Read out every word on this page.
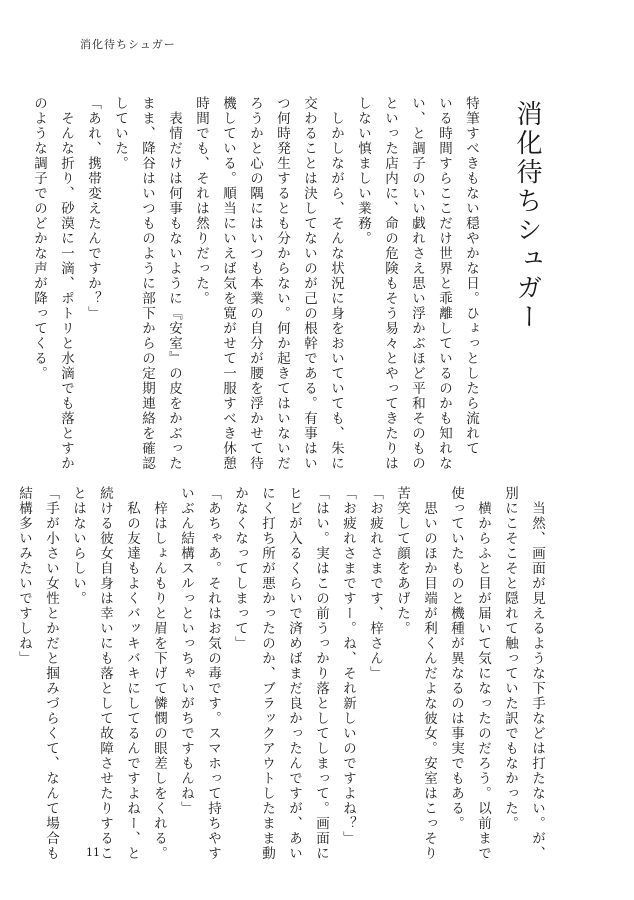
消化待ちシュガー
消化待ちシュガー
特筆すべきもない穏やかな日。ひょっとしたら流れて
いる時間すらここだけ世界と乖離しているのかも知れな
い、と調子のいい戯れさえ思い浮かぶほど平和そのもの
といった店内に、命の危険もそう易々とやってきたりは
しない慎ましい業務。
　しかしながら、そんな状況に身をおいていても、朱に
交わることは決してないのが己の根幹である。有事はい
つ何時発生するとも分からない。何か起きてはいないだ
ろうかと心の隅にはいつも本業の自分が腰を浮かせて待
機している。順当にいえば気を寛がせて一服すべき休憩
時間でも、それは然りだった。
　表情だけは何事もないように『安室』の皮をかぶった
まま、降谷はいつものように部下からの定期連絡を確認
していた。
「あれ、携帯変えたんですか？」
　そんな折り、砂漠に一滴、ポトリと水滴でも落とすか
のような調子でのどかな声が降ってくる。
　当然、画面が見えるような下手などは打たない。が、
別にこそこそと隠れて触っていた訳でもなかった。
　横からふと目が届いて気になったのだろう。以前まで
使っていたものと機種が異なるのは事実でもある。
　思いのほか目端が利くんだよな彼女。安室はこっそり
苦笑して顔をあげた。
「お疲れさまです、梓さん」
「お疲れさまですー。ね、それ新しいのですよね？」
「はい。実はこの前うっかり落としてしまって。画面に
ヒビが入るくらいで済めばまだ良かったんですが、あい
にく打ち所が悪かったのか、ブラックアウトしたまま動
かなくなってしまって」
「あちゃあ。それはお気の毒です。スマホって持ちやす
いぶん結構スルっといっちゃいがちですもんね」
　梓はしょんもりと眉を下げて憐憫の眼差しをくれる。
　私の友達もよくバッキバキにしてるんですよねー、と
続ける彼女自身は幸いにも落として故障させたりするこ
とはないらしい。
「手が小さい女性とかだと掴みづらくて、なんて場合も
結構多いみたいですしね」
11
